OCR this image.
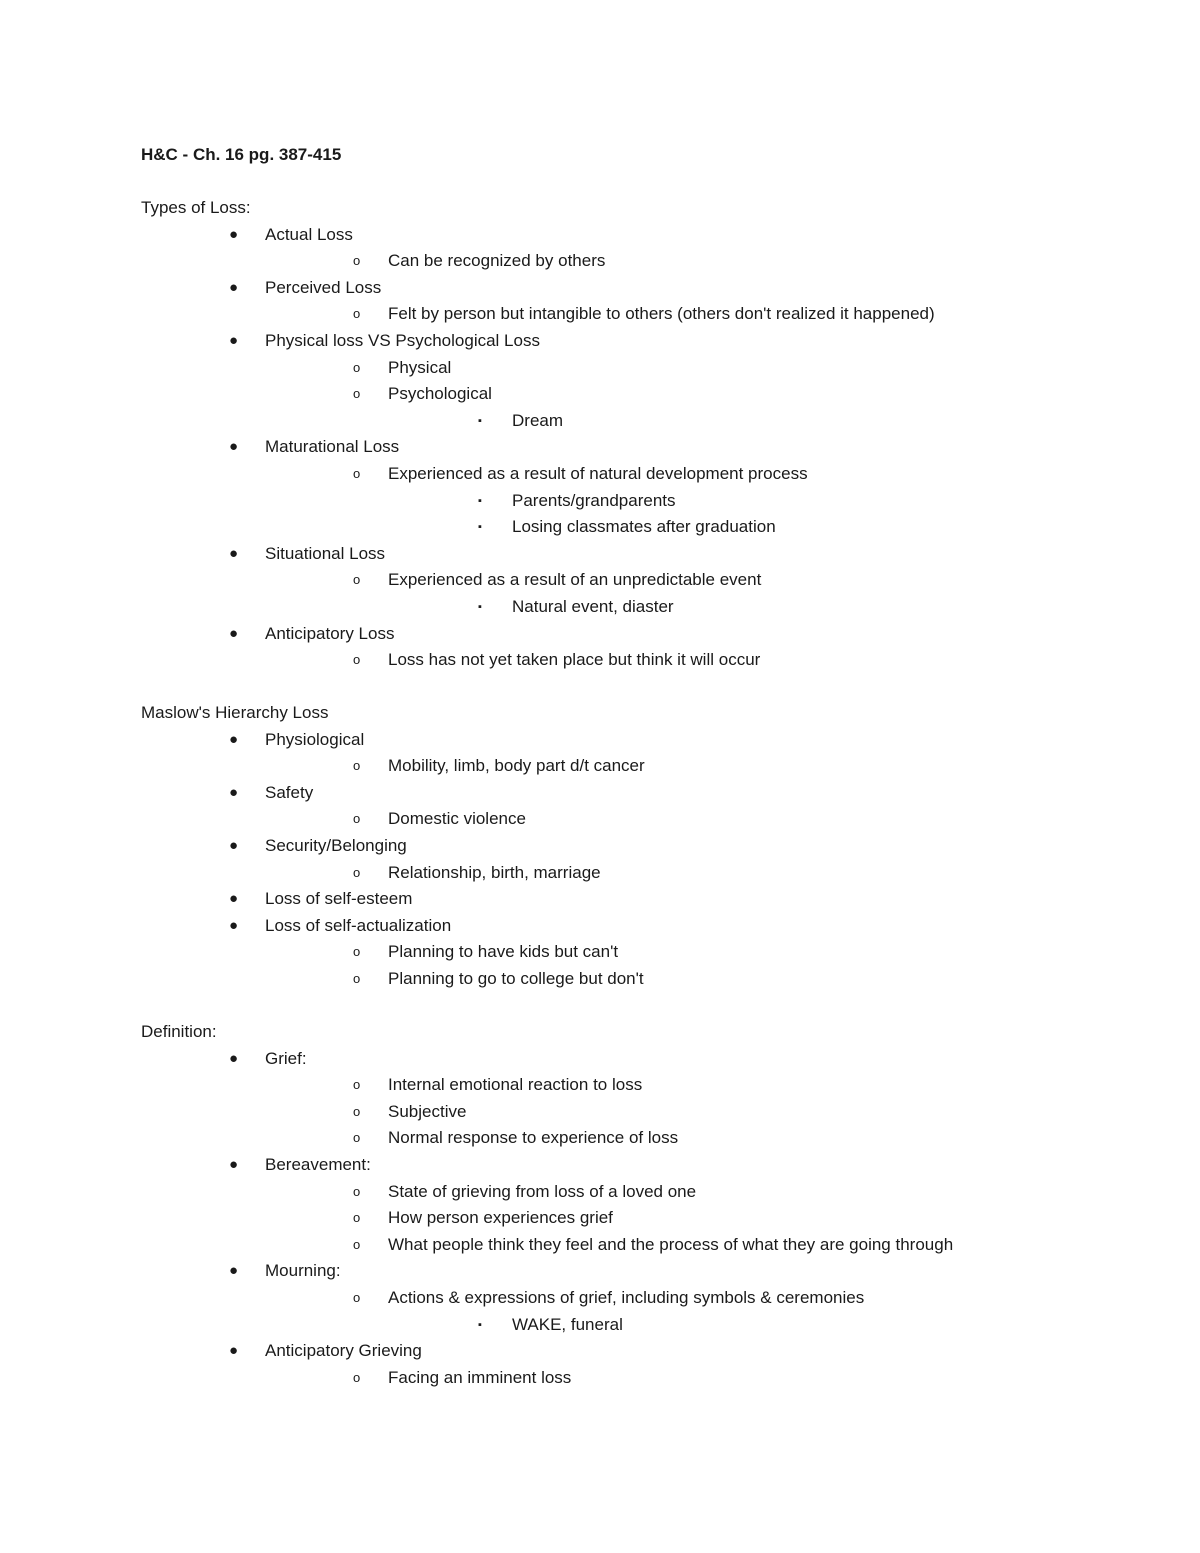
H&C - Ch. 16 pg. 387-415
Types of Loss:
●	Actual Loss
o	Can be recognized by others
●	Perceived Loss
o	Felt by person but intangible to others (others don't realized it happened)
●	Physical loss VS Psychological Loss
o	Physical
o	Psychological
▪	Dream
●	Maturational Loss
o	Experienced as a result of natural development process
▪	Parents/grandparents
▪	Losing classmates after graduation
●	Situational Loss
o	Experienced as a result of an unpredictable event
▪	Natural event, diaster
●	Anticipatory Loss
o	Loss has not yet taken place but think it will occur
Maslow's Hierarchy Loss
●	Physiological
o	Mobility, limb, body part d/t cancer
●	Safety
o	Domestic violence
●	Security/Belonging
o	Relationship, birth, marriage
●	Loss of self-esteem
●	Loss of self-actualization
o	Planning to have kids but can't
o	Planning to go to college but don't
Definition:
●	Grief:
o	Internal emotional reaction to loss
o	Subjective
o	Normal response to experience of loss
●	Bereavement:
o	State of grieving from loss of a loved one
o	How person experiences grief
o	What people think they feel and the process of what they are going through
●	Mourning:
o	Actions & expressions of grief, including symbols & ceremonies
▪	WAKE, funeral
●	Anticipatory Grieving
o	Facing an imminent loss
